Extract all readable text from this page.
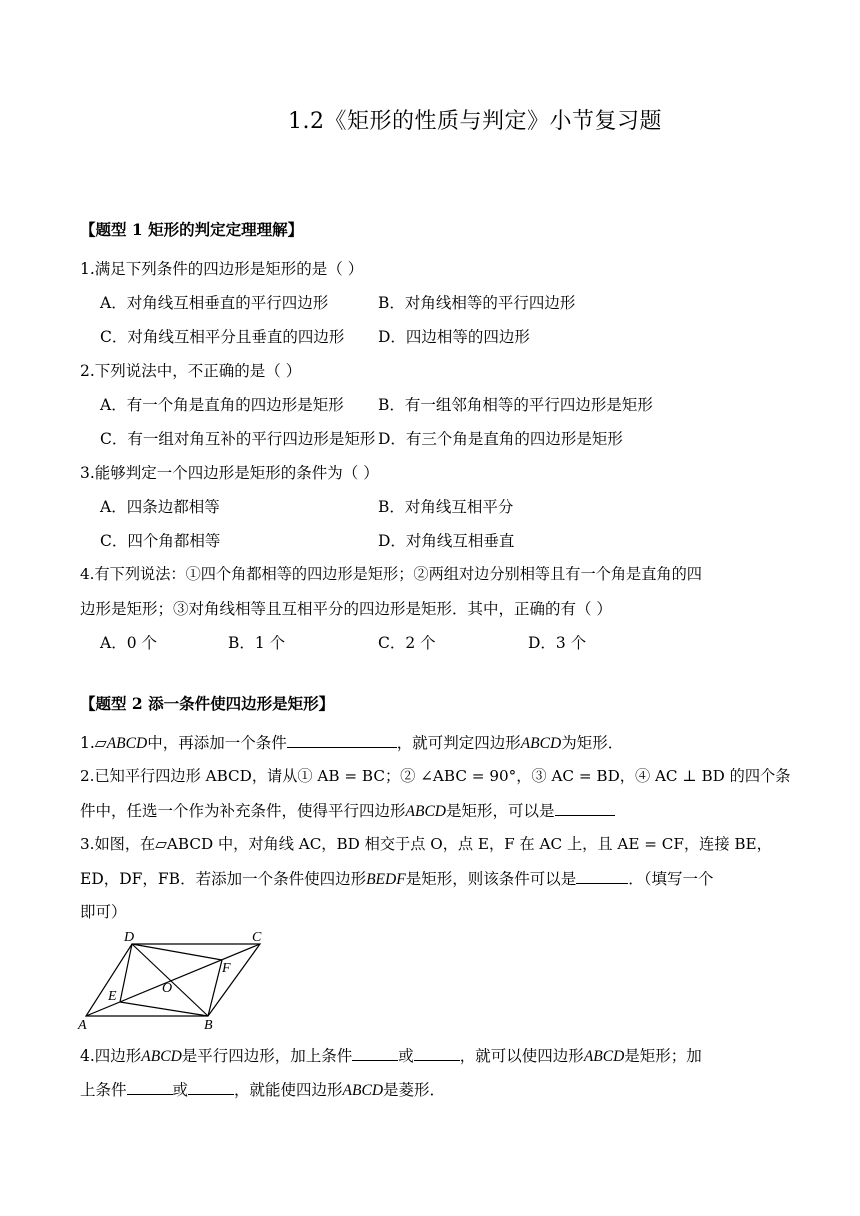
1.2《矩形的性质与判定》小节复习题
【题型 1 矩形的判定定理理解】
1.满足下列条件的四边形是矩形的是（ ）
A．对角线互相垂直的平行四边形	B．对角线相等的平行四边形
C．对角线互相平分且垂直的四边形 D．四边相等的四边形
2.下列说法中，不正确的是（ ）
A．有一个角是直角的四边形是矩形 B．有一组邻角相等的平行四边形是矩形
C．有一组对角互补的平行四边形是矩形 D．有三个角是直角的四边形是矩形
3.能够判定一个四边形是矩形的条件为（ ）
A．四条边都相等	B．对角线互相平分
C．四个角都相等	D．对角线互相垂直
4.有下列说法：①四个角都相等的四边形是矩形；②两组对边分别相等且有一个角是直角的四
边形是矩形；③对角线相等且互相平分的四边形是矩形．其中，正确的有（ ）
A．0 个	B．1 个	C．2 个	D．3 个
【题型 2 添一条件使四边形是矩形】
1.▱ABCD中，再添加一个条件	，就可判定四边形ABCD为矩形．
2.已知平行四边形 ABCD，请从① AB = BC；② ∠ABC = 90°，③ AC = BD，④ AC ⊥ BD 的四个条
件中，任选一个作为补充条件，使得平行四边形ABCD是矩形，可以是
3.如图，在▱ABCD 中，对角线 AC，BD 相交于点 O，点 E，F 在 AC 上，且 AE = CF，连接 BE，
ED，DF，FB．若添加一个条件使四边形BEDF是矩形，则该条件可以是	．（填写一个
即可）
A	B
C
D
E
F
O
4.四边形ABCD是平行四边形，加上条件	或	，就可以使四边形ABCD是矩形；加
上条件	或	，就能使四边形ABCD是菱形．
